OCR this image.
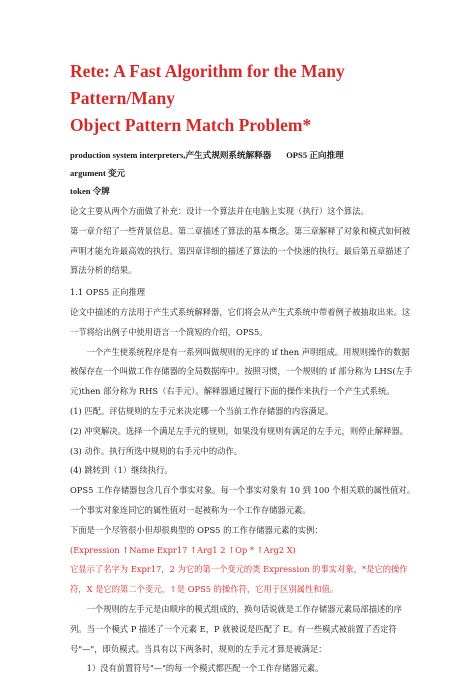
Rete: A Fast Algorithm for the Many Pattern/Many
Object Pattern Match Problem*
production system interpreters,产生式规则系统解释器 OPS5 正向推理 argument 变元
token 令牌

论文主要从两个方面做了补充：设计一个算法并在电脑上实现（执行）这个算法。

第一章介绍了一些背景信息。第二章描述了算法的基本概念。第三章解释了对象和模式如何被声明才能允许最高效的执行。第四章详细的描述了算法的一个快速的执行。最后第五章描述了算法分析的结果。

1.1 OPS5 正向推理

论文中描述的方法用于产生式系统解释器，它们将会从产生式系统中带着例子被抽取出来。这一节将给出例子中使用语言一个简短的介绍，OPS5。

一个产生使系统程序是有一系列叫做规则的无序的 if then 声明组成。用规则操作的数据被保存在一个叫做工作存储器的全局数据库中。按照习惯，一个规则的 if 部分称为 LHS(左手元)then 部分称为 RHS（右手元）。解释器通过履行下面的操作来执行一个产生式系统。

(1) 匹配。评估规则的左手元来决定哪一个当前工作存储器的内容满足。

(2) 冲突解决。选择一个满足左手元的规则，如果没有规则有满足的左手元，则停止解释器。

(3) 动作。执行所选中规则的右手元中的动作。

(4) 跳转到（1）继续执行。

OPS5 工作存储器包含几百个事实对象。每一个事实对象有 10 到 100 个相关联的属性值对。一个事实对象连同它的属性值对一起被称为一个工作存储器元素。

下面是一个尽管很小但却很典型的 OPS5 的工作存储器元素的实例：

(Expression ↑Name Expr17 ↑Arg1 2 ↑Op * ↑Arg2 X)

它显示了名字为 Expr17，2 为它的第一个变元的类 Expression 的事实对象，*是它的操作符，X 是它的第二个变元，↑是 OPS5 的操作符，它用于区别属性和值。

一个规则的左手元是由顺序的模式组成的，换句话说就是工作存储器元素局部描述的序列。当一个模式 P 描述了一个元素 E，P 就被说是匹配了 E。有一些模式被前置了否定符号"—"，即负模式。当具有以下两条时，规则的左手元才算是被满足：

1）没有前置符号"—"的每一个模式都匹配一个工作存储器元素。
